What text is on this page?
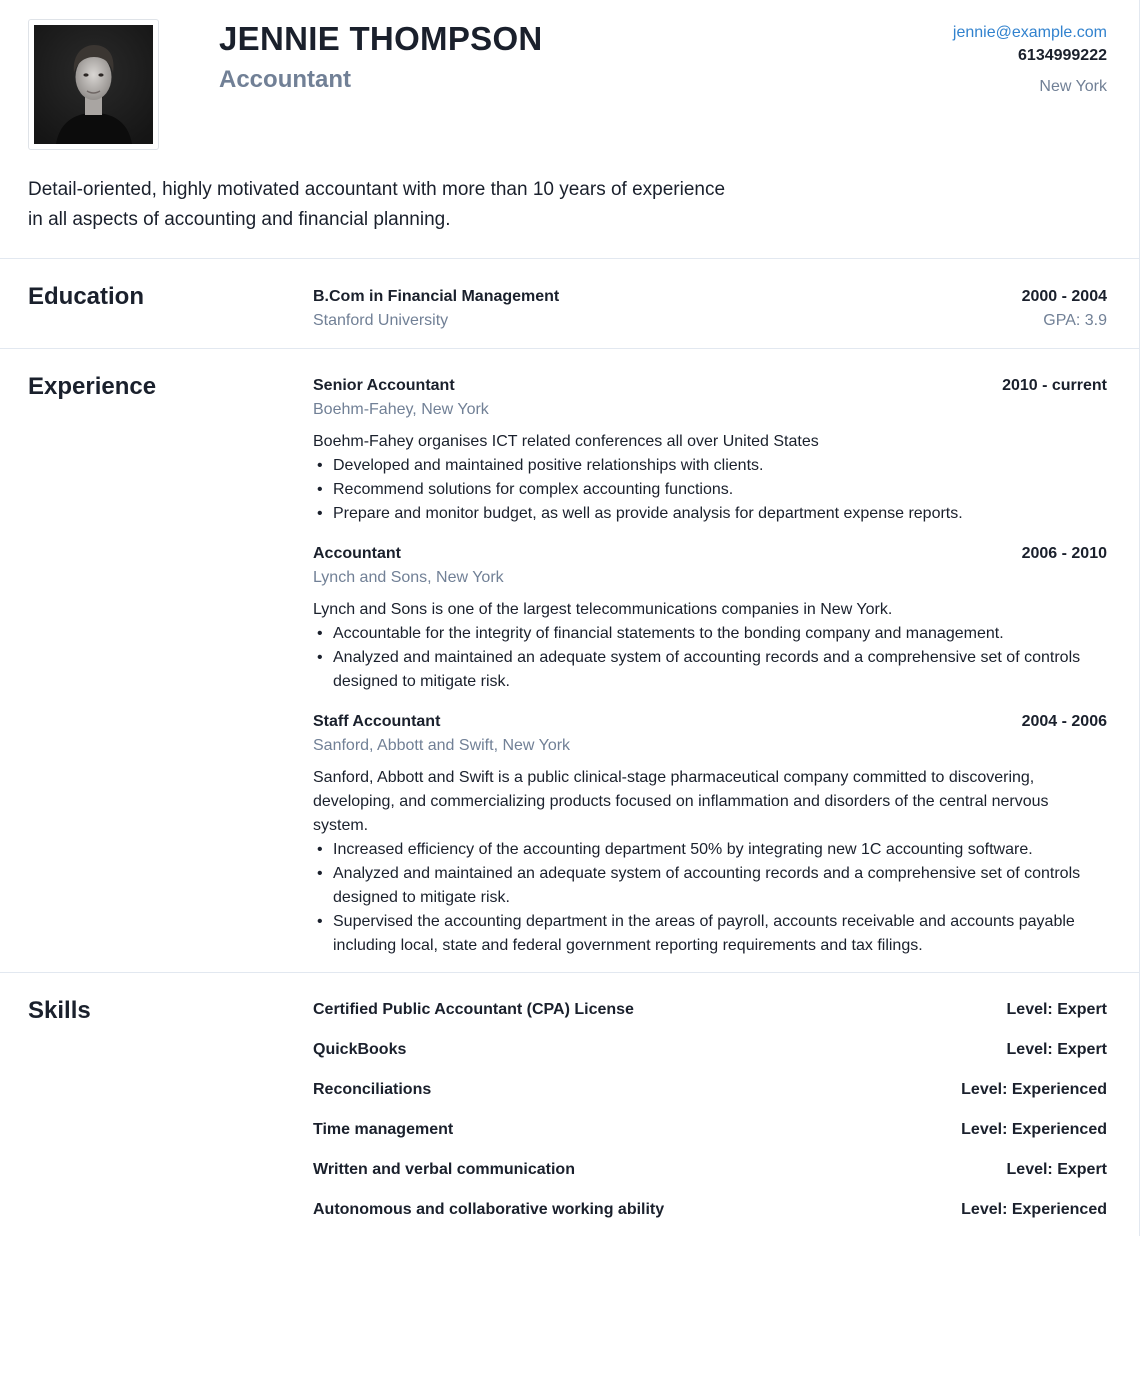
JENNIE THOMPSON
Accountant
jennie@example.com
6134999222
New York

Detail-oriented, highly motivated accountant with more than 10 years of experience in all aspects of accounting and financial planning.

Education	B.Com in Financial Management	2000 - 2004
Stanford University	GPA: 3.9
Experience	Senior Accountant	2010 - current
Boehm-Fahey, New York
Boehm-Fahey organises ICT related conferences all over United States
• Developed and maintained positive relationships with clients.
• Recommend solutions for complex accounting functions.
• Prepare and monitor budget, as well as provide analysis for department expense reports.
Accountant	2006 - 2010
Lynch and Sons, New York
Lynch and Sons is one of the largest telecommunications companies in New York.
• Accountable for the integrity of financial statements to the bonding company and management.
• Analyzed and maintained an adequate system of accounting records and a comprehensive set of controls designed to mitigate risk.
Staff Accountant	2004 - 2006
Sanford, Abbott and Swift, New York
Sanford, Abbott and Swift is a public clinical-stage pharmaceutical company committed to discovering, developing, and commercializing products focused on inflammation and disorders of the central nervous system.
• Increased efficiency of the accounting department 50% by integrating new 1C accounting software.
• Analyzed and maintained an adequate system of accounting records and a comprehensive set of controls designed to mitigate risk.
• Supervised the accounting department in the areas of payroll, accounts receivable and accounts payable including local, state and federal government reporting requirements and tax filings.
Skills	Certified Public Accountant (CPA) License	Level: Expert
QuickBooks	Level: Expert
Reconciliations	Level: Experienced
Time management	Level: Experienced
Written and verbal communication	Level: Expert
Autonomous and collaborative working ability	Level: Experienced
